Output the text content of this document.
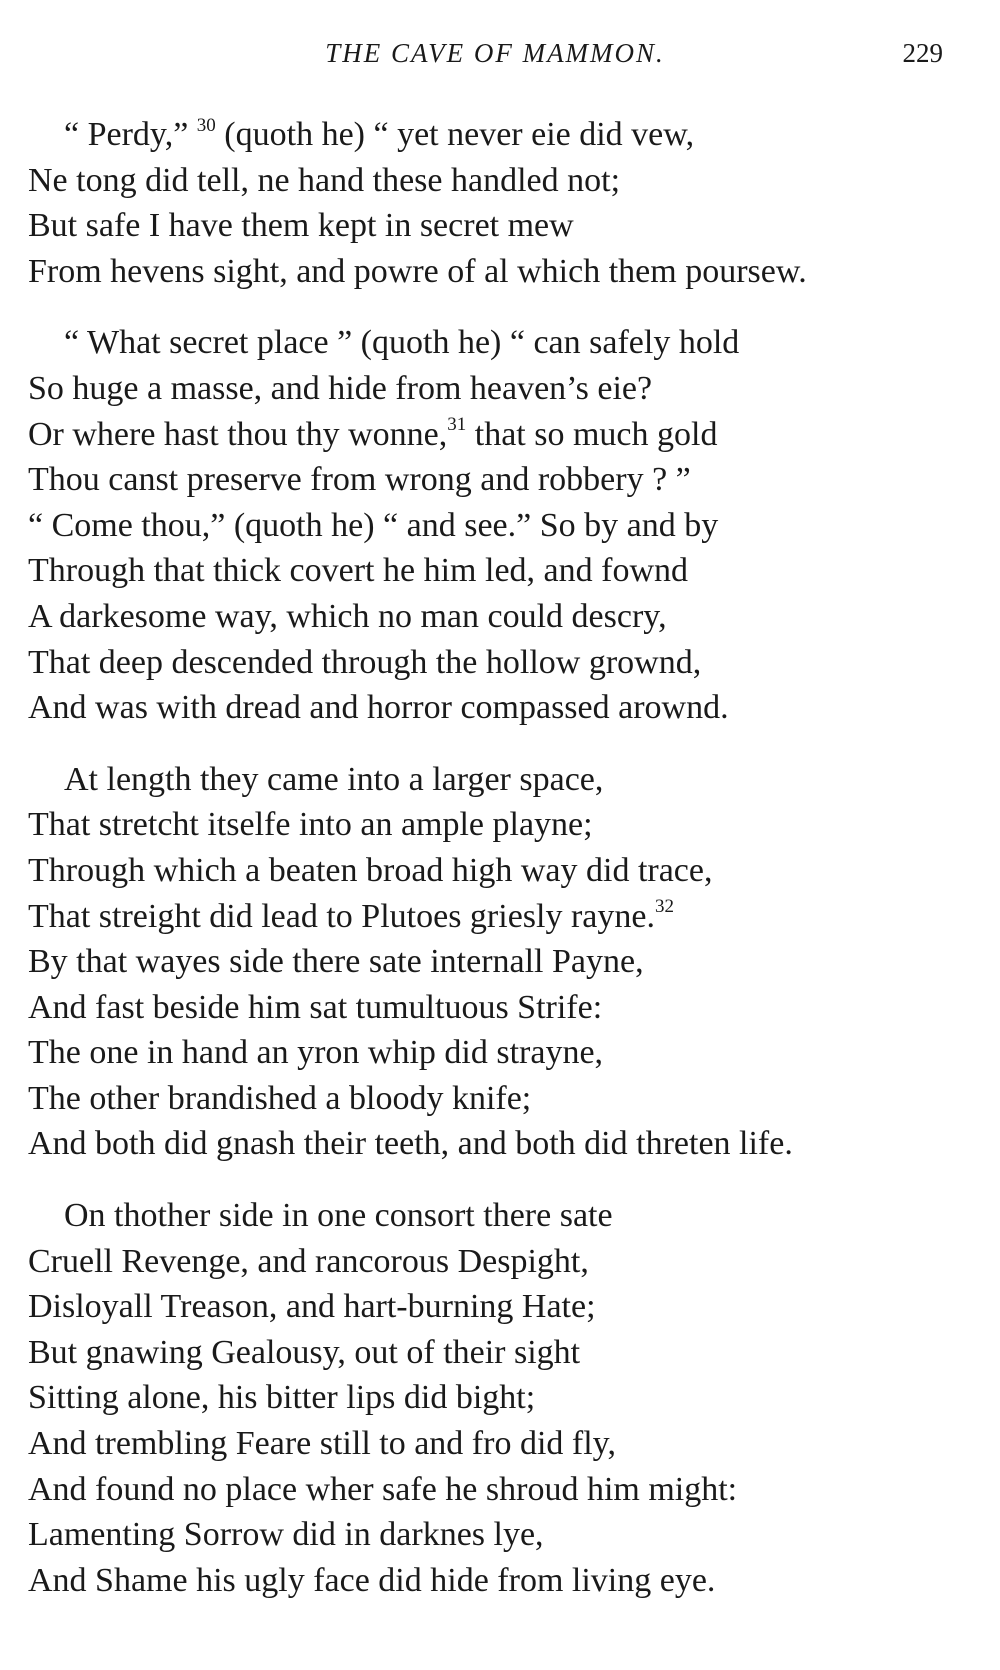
THE CAVE OF MAMMON.	229
“ Perdy,” $^{30}$ (quoth he) “ yet never eie did vew,
Ne tong did tell, ne hand these handled not;
But safe I have them kept in secret mew
From hevens sight, and powre of al which them poursew.
“ What secret place ” (quoth he) “ can safely hold
So huge a masse, and hide from heaven’s eie?
Or where hast thou thy wonne,$^{31}$ that so much gold
Thou canst preserve from wrong and robbery ? ”
“ Come thou,” (quoth he) “ and see.” So by and by
Through that thick covert he him led, and fownd
A darkesome way, which no man could descry,
That deep descended through the hollow grownd,
And was with dread and horror compassed arownd.
At length they came into a larger space,
That stretcht itselfe into an ample playne;
Through which a beaten broad high way did trace,
That streight did lead to Plutoes griesly rayne.$^{32}$
By that wayes side there sate internall Payne,
And fast beside him sat tumultuous Strife:
The one in hand an yron whip did strayne,
The other brandished a bloody knife;
And both did gnash their teeth, and both did threten life.
On thother side in one consort there sate
Cruell Revenge, and rancorous Despight,
Disloyall Treason, and hart-burning Hate;
But gnawing Gealousy, out of their sight
Sitting alone, his bitter lips did bight;
And trembling Feare still to and fro did fly,
And found no place wher safe he shroud him might:
Lamenting Sorrow did in darknes lye,
And Shame his ugly face did hide from living eye.
